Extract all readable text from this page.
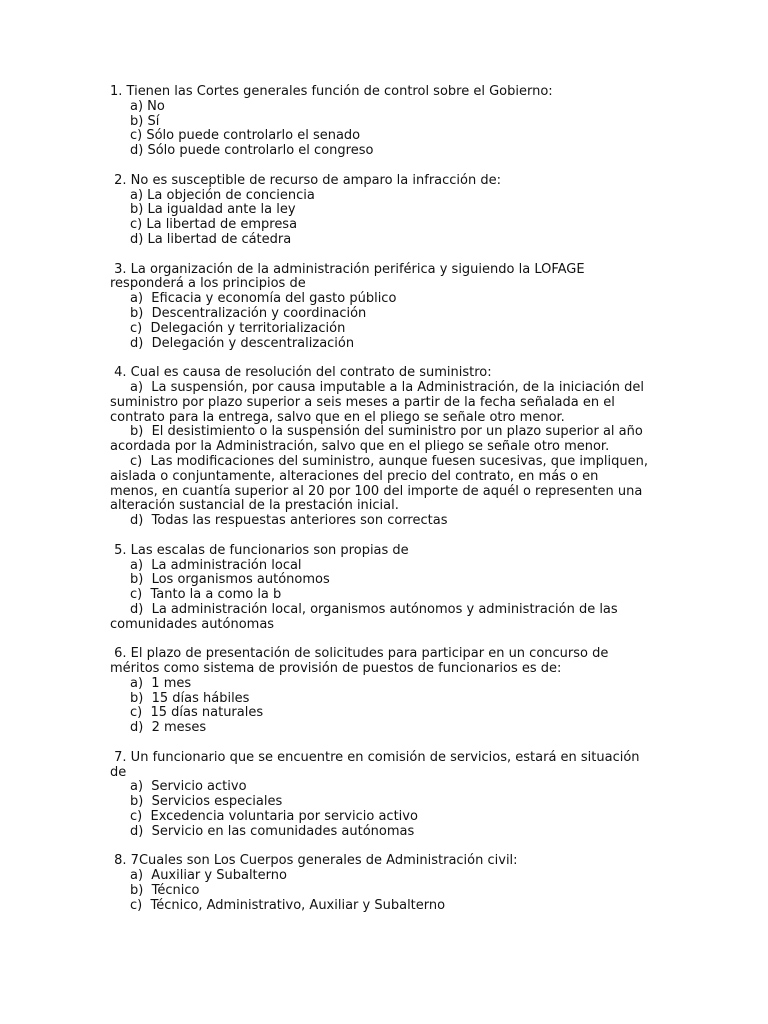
1. Tienen las Cortes generales función de control sobre el Gobierno:
a) No
b) Sí
c) Sólo puede controlarlo el senado
d) Sólo puede controlarlo el congreso
2. No es susceptible de recurso de amparo la infracción de:
a) La objeción de conciencia
b) La igualdad ante la ley
c) La libertad de empresa
d) La libertad de cátedra
3. La organización de la administración periférica y siguiendo la LOFAGE responderá a los principios de
a)  Eficacia y economía del gasto público
b)  Descentralización y coordinación
c)  Delegación y territorialización
d)  Delegación y descentralización
4. Cual es causa de resolución del contrato de suministro:
a)  La suspensión, por causa imputable a la Administración, de la iniciación del suministro por plazo superior a seis meses a partir de la fecha señalada en el contrato para la entrega, salvo que en el pliego se señale otro menor.
b)  El desistimiento o la suspensión del suministro por un plazo superior al año acordada por la Administración, salvo que en el pliego se señale otro menor.
c)  Las modificaciones del suministro, aunque fuesen sucesivas, que impliquen, aislada o conjuntamente, alteraciones del precio del contrato, en más o en menos, en cuantía superior al 20 por 100 del importe de aquél o representen una alteración sustancial de la prestación inicial.
d)  Todas las respuestas anteriores son correctas
5. Las escalas de funcionarios son propias de
a)  La administración local
b)  Los organismos autónomos
c)  Tanto la a como la b
d)  La administración local, organismos autónomos y administración de las comunidades autónomas
6. El plazo de presentación de solicitudes para participar en un concurso de méritos como sistema de provisión de puestos de funcionarios es de:
a)  1 mes
b)  15 días hábiles
c)  15 días naturales
d)  2 meses
7. Un funcionario que se encuentre en comisión de servicios, estará en situación de
a)  Servicio activo
b)  Servicios especiales
c)  Excedencia voluntaria por servicio activo
d)  Servicio en las comunidades autónomas
8. 7Cuales son Los Cuerpos generales de Administración civil:
a)  Auxiliar y Subalterno
b)  Técnico
c)  Técnico, Administrativo, Auxiliar y Subalterno
